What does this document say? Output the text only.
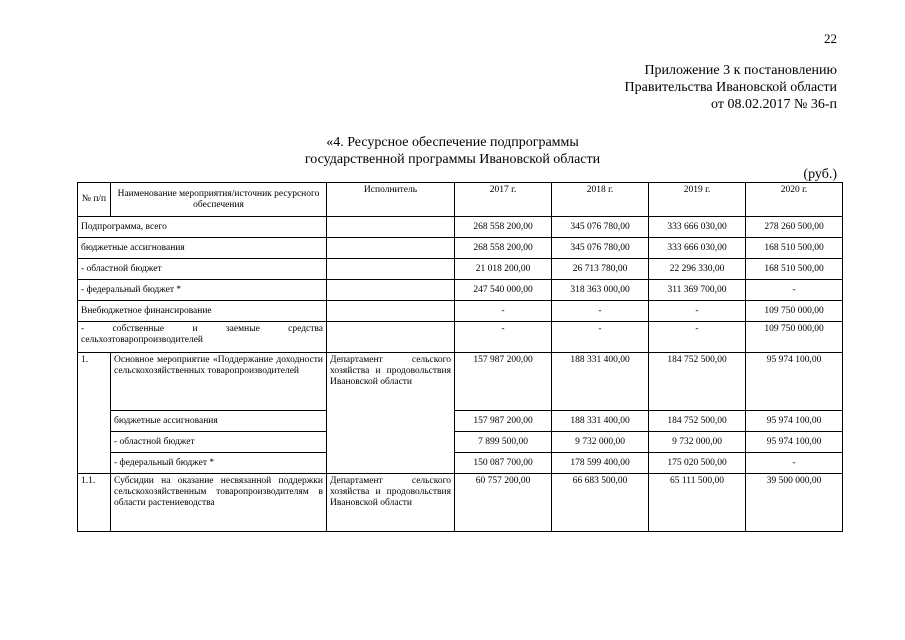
22
Приложение 3 к постановлению
Правительства Ивановской области
от 08.02.2017 № 36-п
«4. Ресурсное обеспечение подпрограммы
государственной программы Ивановской области
(руб.)
№ п/п	Наименование мероприятия/источник ресурсного обеспечения	Исполнитель	2017 г.	2018 г.	2019 г.	2020 г.
Подпрограмма, всего			268 558 200,00	345 076 780,00	333 666 030,00	278 260 500,00
бюджетные ассигнования			268 558 200,00	345 076 780,00	333 666 030,00	168 510 500,00
- областной бюджет			21 018 200,00	26 713 780,00	22 296 330,00	168 510 500,00
- федеральный бюджет *			247 540 000,00	318 363 000,00	311 369 700,00	-
Внебюджетное финансирование			-	-	-	109 750 000,00
- собственные и заемные средства сельхозтоваропроизводителей			-	-	-	109 750 000,00
1.	Основное мероприятие «Поддержание доходности сельскохозяйственных товаропроизводителей	Департамент сельского хозяйства и продовольствия Ивановской области	157 987 200,00	188 331 400,00	184 752 500,00	95 974 100,00
	бюджетные ассигнования		157 987 200,00	188 331 400,00	184 752 500,00	95 974 100,00
	- областной бюджет		7 899 500,00	9 732 000,00	9 732 000,00	95 974 100,00
	- федеральный бюджет *		150 087 700,00	178 599 400,00	175 020 500,00	-
1.1.	Субсидии на оказание несвязанной поддержки сельскохозяйственным товаропроизводителям в области растениеводства	Департамент сельского хозяйства и продовольствия Ивановской области	60 757 200,00	66 683 500,00	65 111 500,00	39 500 000,00
